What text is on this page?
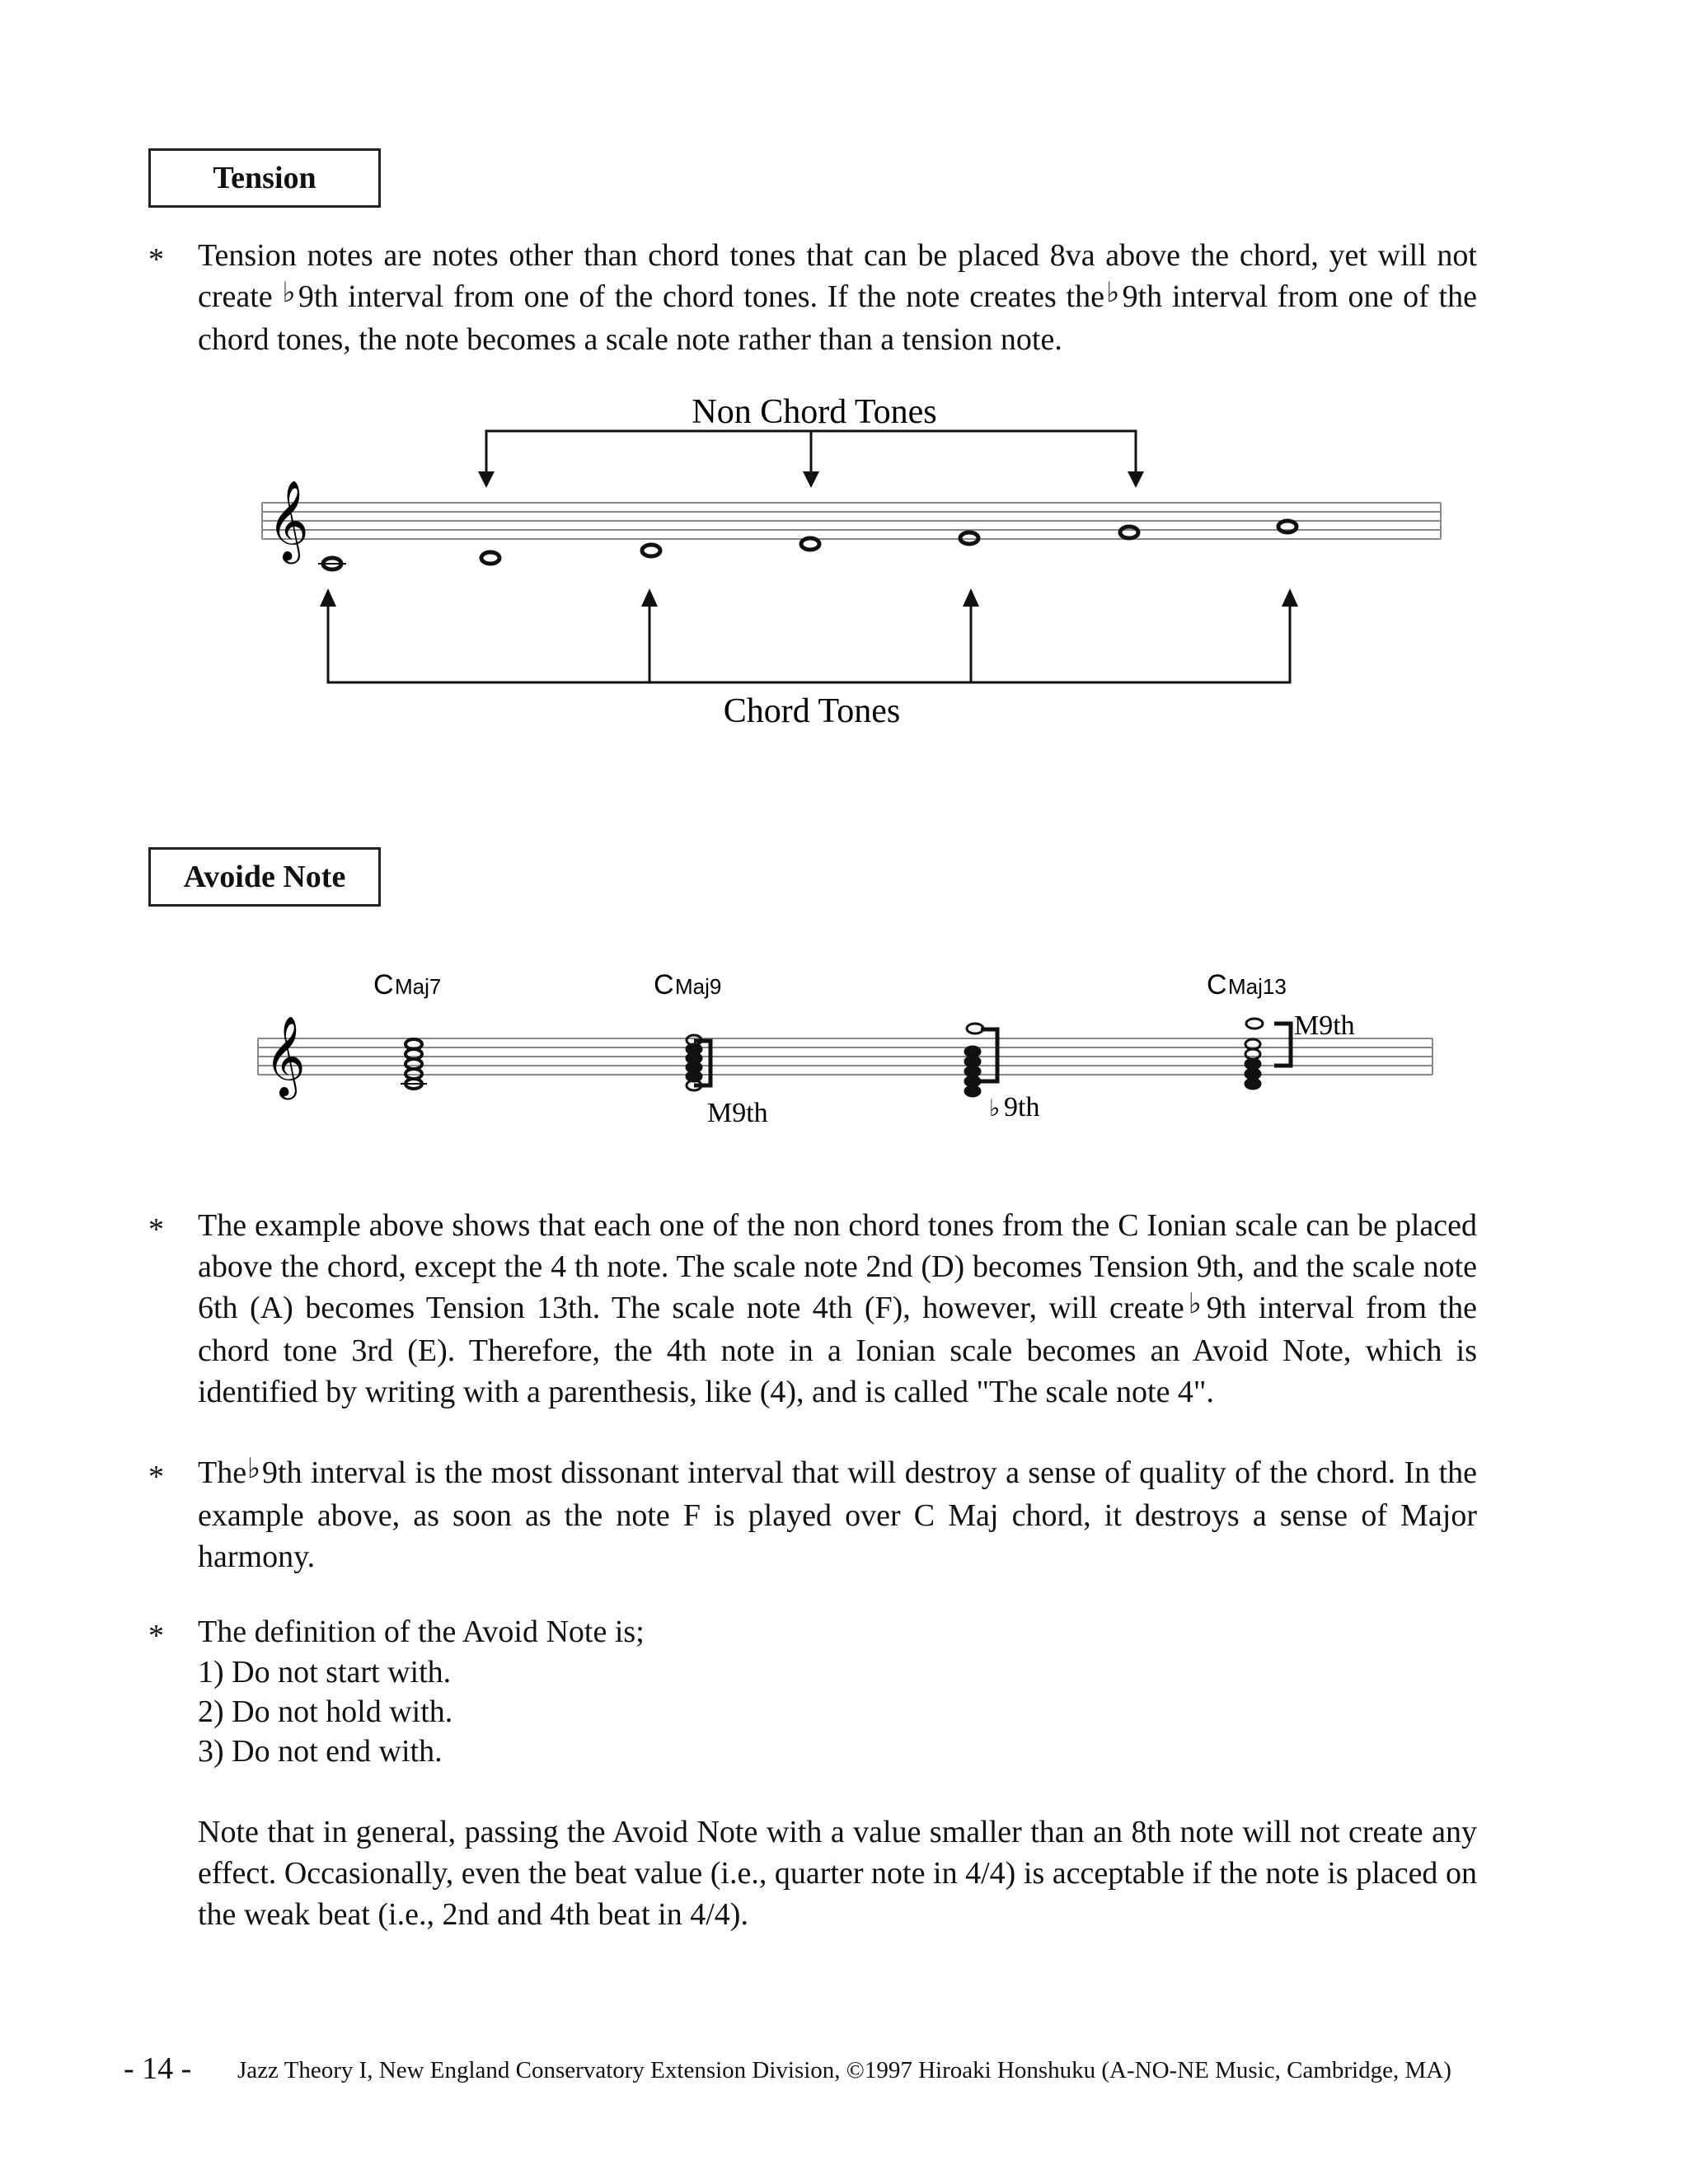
Tension
* Tension notes are notes other than chord tones that can be placed 8va above the chord, yet will not create ♭9th interval from one of the chord tones. If the note creates the♭9th interval from one of the chord tones, the note becomes a scale note rather than a tension note.
Non Chord Tones
𝄞
Chord Tones
Avoide Note
C Maj7	C Maj9	C Maj13
𝄞
M9th	♭ 9th
M9th
* The example above shows that each one of the non chord tones from the C Ionian scale can be placed above the chord, except the 4 th note. The scale note 2nd (D) becomes Tension 9th, and the scale note 6th (A) becomes Tension 13th. The scale note 4th (F), however, will create♭9th interval from the chord tone 3rd (E). Therefore, the 4th note in a Ionian scale becomes an Avoid Note, which is identified by writing with a parenthesis, like (4), and is called "The scale note 4".
* The♭9th interval is the most dissonant interval that will destroy a sense of quality of the chord. In the example above, as soon as the note F is played over C Maj chord, it destroys a sense of Major harmony.
* The definition of the Avoid Note is;
1) Do not start with.
2) Do not hold with.
3) Do not end with.
Note that in general, passing the Avoid Note with a value smaller than an 8th note will not create any effect. Occasionally, even the beat value (i.e., quarter note in 4/4) is acceptable if the note is placed on the weak beat (i.e., 2nd and 4th beat in 4/4).
- 14 - Jazz Theory I, New England Conservatory Extension Division, ©1997 Hiroaki Honshuku (A-NO-NE Music, Cambridge, MA)
